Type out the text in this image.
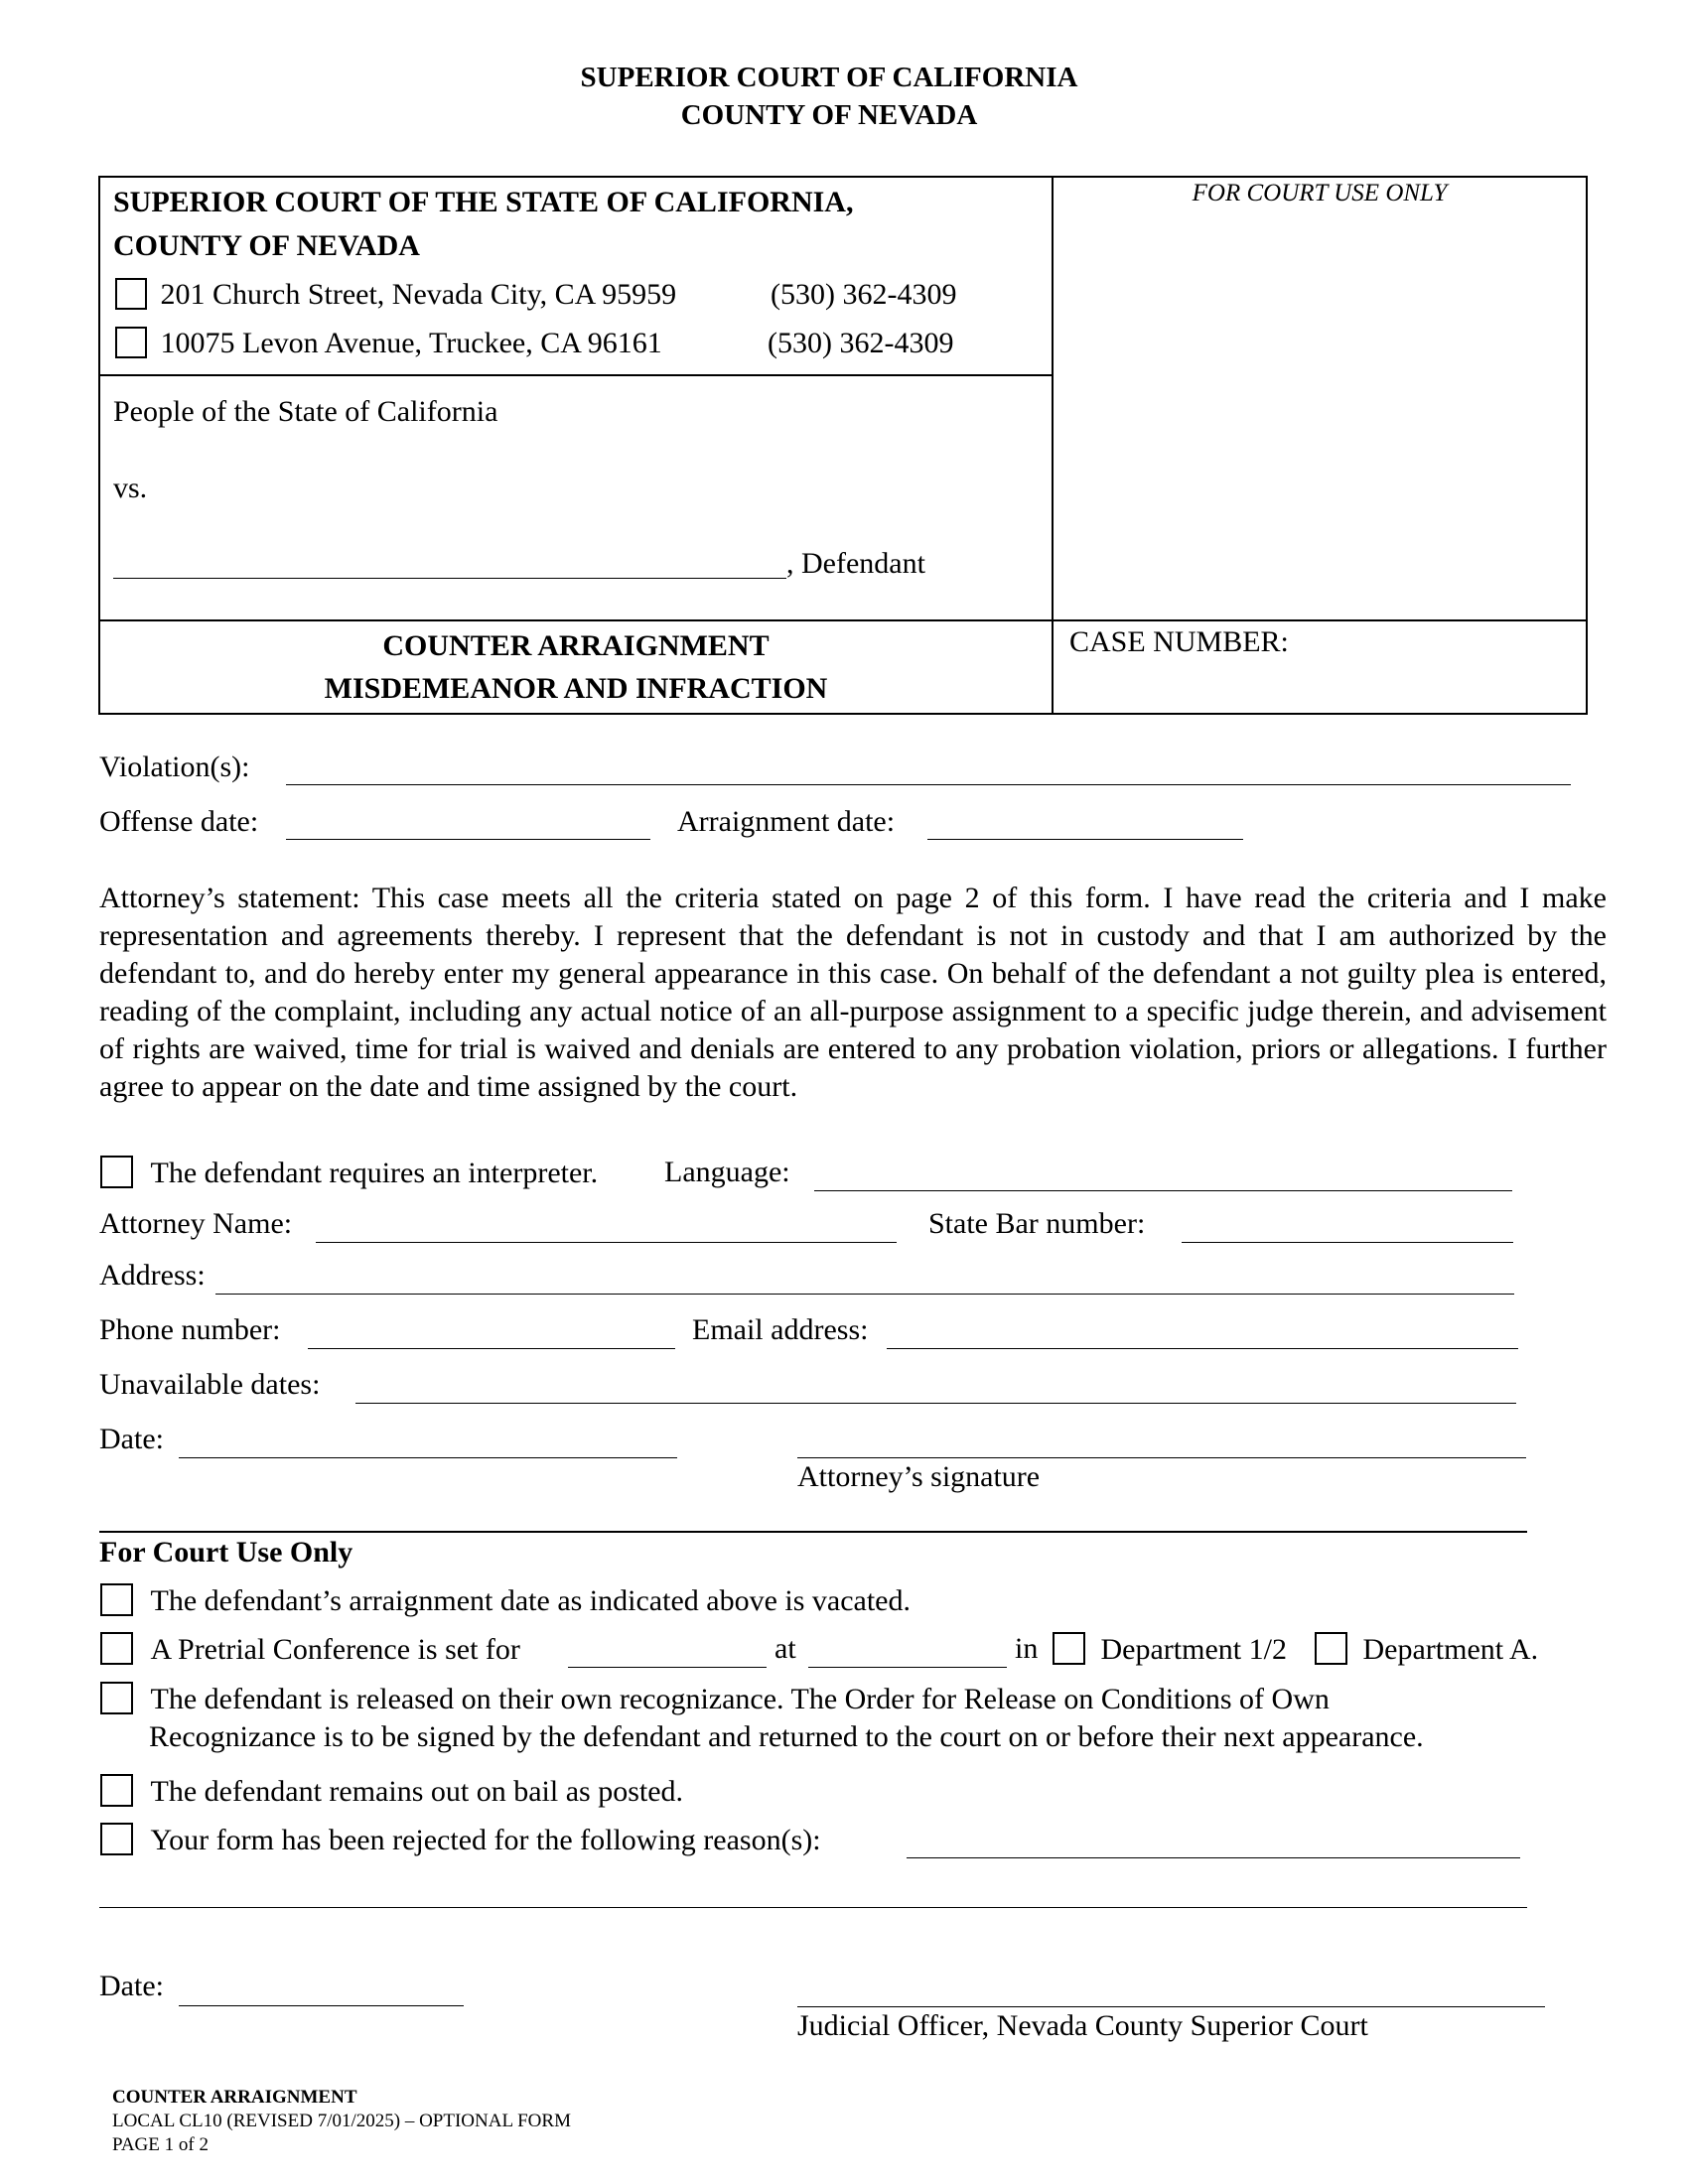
SUPERIOR COURT OF CALIFORNIA
COUNTY OF NEVADA
SUPERIOR COURT OF THE STATE OF CALIFORNIA,
COUNTY OF NEVADA
201 Church Street, Nevada City, CA 95959	(530) 362-4309
10075 Levon Avenue, Truckee, CA 96161	(530) 362-4309
FOR COURT USE ONLY
People of the State of California
vs.
, Defendant
COUNTER ARRAIGNMENT
MISDEMEANOR AND INFRACTION
CASE NUMBER:
Violation(s):
Offense date:	Arraignment date:
Attorney’s statement: This case meets all the criteria stated on page 2 of this form. I have read the criteria and I make representation and agreements thereby. I represent that the defendant is not in custody and that I am authorized by the defendant to, and do hereby enter my general appearance in this case. On behalf of the defendant a not guilty plea is entered, reading of the complaint, including any actual notice of an all-purpose assignment to a specific judge therein, and advisement of rights are waived, time for trial is waived and denials are entered to any probation violation, priors or allegations. I further agree to appear on the date and time assigned by the court.
The defendant requires an interpreter. Language:
Attorney Name:	State Bar number:
Address:
Phone number:	Email address:
Unavailable dates:
Date:
Attorney’s signature
For Court Use Only
The defendant’s arraignment date as indicated above is vacated.
A Pretrial Conference is set for	at	in	Department 1/2	Department A.
The defendant is released on their own recognizance. The Order for Release on Conditions of Own
Recognizance is to be signed by the defendant and returned to the court on or before their next appearance.
The defendant remains out on bail as posted.
Your form has been rejected for the following reason(s):
Date:
Judicial Officer, Nevada County Superior Court
COUNTER ARRAIGNMENT
LOCAL CL10 (REVISED 7/01/2025) – OPTIONAL FORM
PAGE 1 of 2
